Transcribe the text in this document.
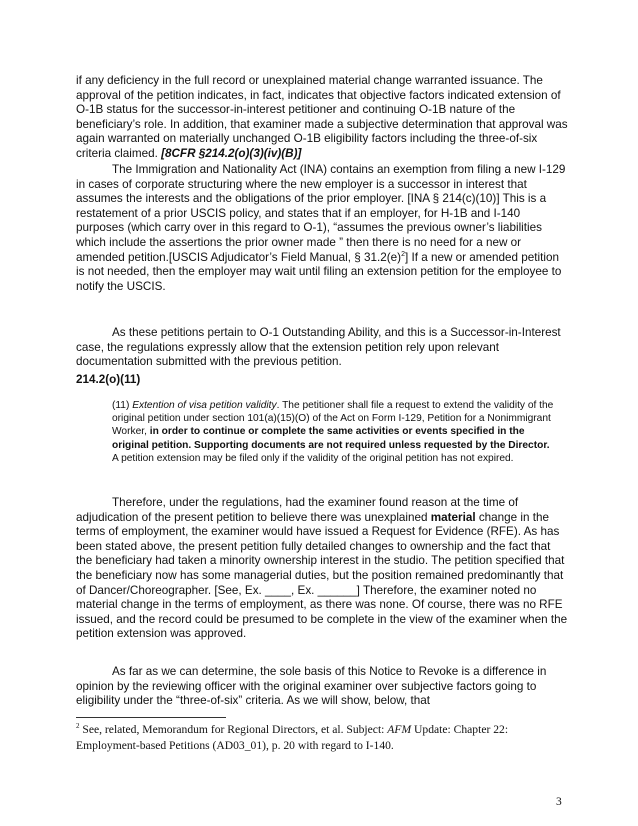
if any deficiency in the full record or unexplained material change warranted issuance. The approval of the petition indicates, in fact, indicates that objective factors indicated extension of O-1B status for the successor-in-interest petitioner and continuing O-1B nature of the beneficiary’s role. In addition, that examiner made a subjective determination that approval was again warranted on materially unchanged O-1B eligibility factors including the three-of-six criteria claimed. [8CFR §214.2(o)(3)(iv)(B)]

The Immigration and Nationality Act (INA) contains an exemption from filing a new I-129 in cases of corporate structuring where the new employer is a successor in interest that assumes the interests and the obligations of the prior employer. [INA § 214(c)(10)] This is a restatement of a prior USCIS policy, and states that if an employer, for H-1B and I-140 purposes (which carry over in this regard to O-1), “assumes the previous owner’s liabilities which include the assertions the prior owner made ” then there is no need for a new or amended petition.[USCIS Adjudicator’s Field Manual, § $31.2(e)^2$] If a new or amended petition is not needed, then the employer may wait until filing an extension petition for the employee to notify the USCIS.

As these petitions pertain to O-1 Outstanding Ability, and this is a Successor-in-Interest case, the regulations expressly allow that the extension petition rely upon relevant documentation submitted with the previous petition.

214.2(o)(11)
(11) Extention of visa petition validity. The petitioner shall file a request to extend the validity of the original petition under section 101(a)(15)(O) of the Act on Form I-129, Petition for a Nonimmigrant Worker, in order to continue or complete the same activities or events specified in the original petition. Supporting documents are not required unless requested by the Director. A petition extension may be filed only if the validity of the original petition has not expired.

Therefore, under the regulations, had the examiner found reason at the time of adjudication of the present petition to believe there was unexplained material change in the terms of employment, the examiner would have issued a Request for Evidence (RFE). As has been stated above, the present petition fully detailed changes to ownership and the fact that the beneficiary had taken a minority ownership interest in the studio. The petition specified that the beneficiary now has some managerial duties, but the position remained predominantly that of Dancer/Choreographer. [See, Ex. ____, Ex. ______] Therefore, the examiner noted no material change in the terms of employment, as there was none. Of course, there was no RFE issued, and the record could be presumed to be complete in the view of the examiner when the petition extension was approved.

As far as we can determine, the sole basis of this Notice to Revoke is a difference in opinion by the reviewing officer with the original examiner over subjective factors going to eligibility under the “three-of-six” criteria. As we will show, below, that

$^2$ See, related, Memorandum for Regional Directors, et al. Subject: AFM Update: Chapter 22: Employment-based Petitions (AD03_01), p. 20 with regard to I-140.
3
